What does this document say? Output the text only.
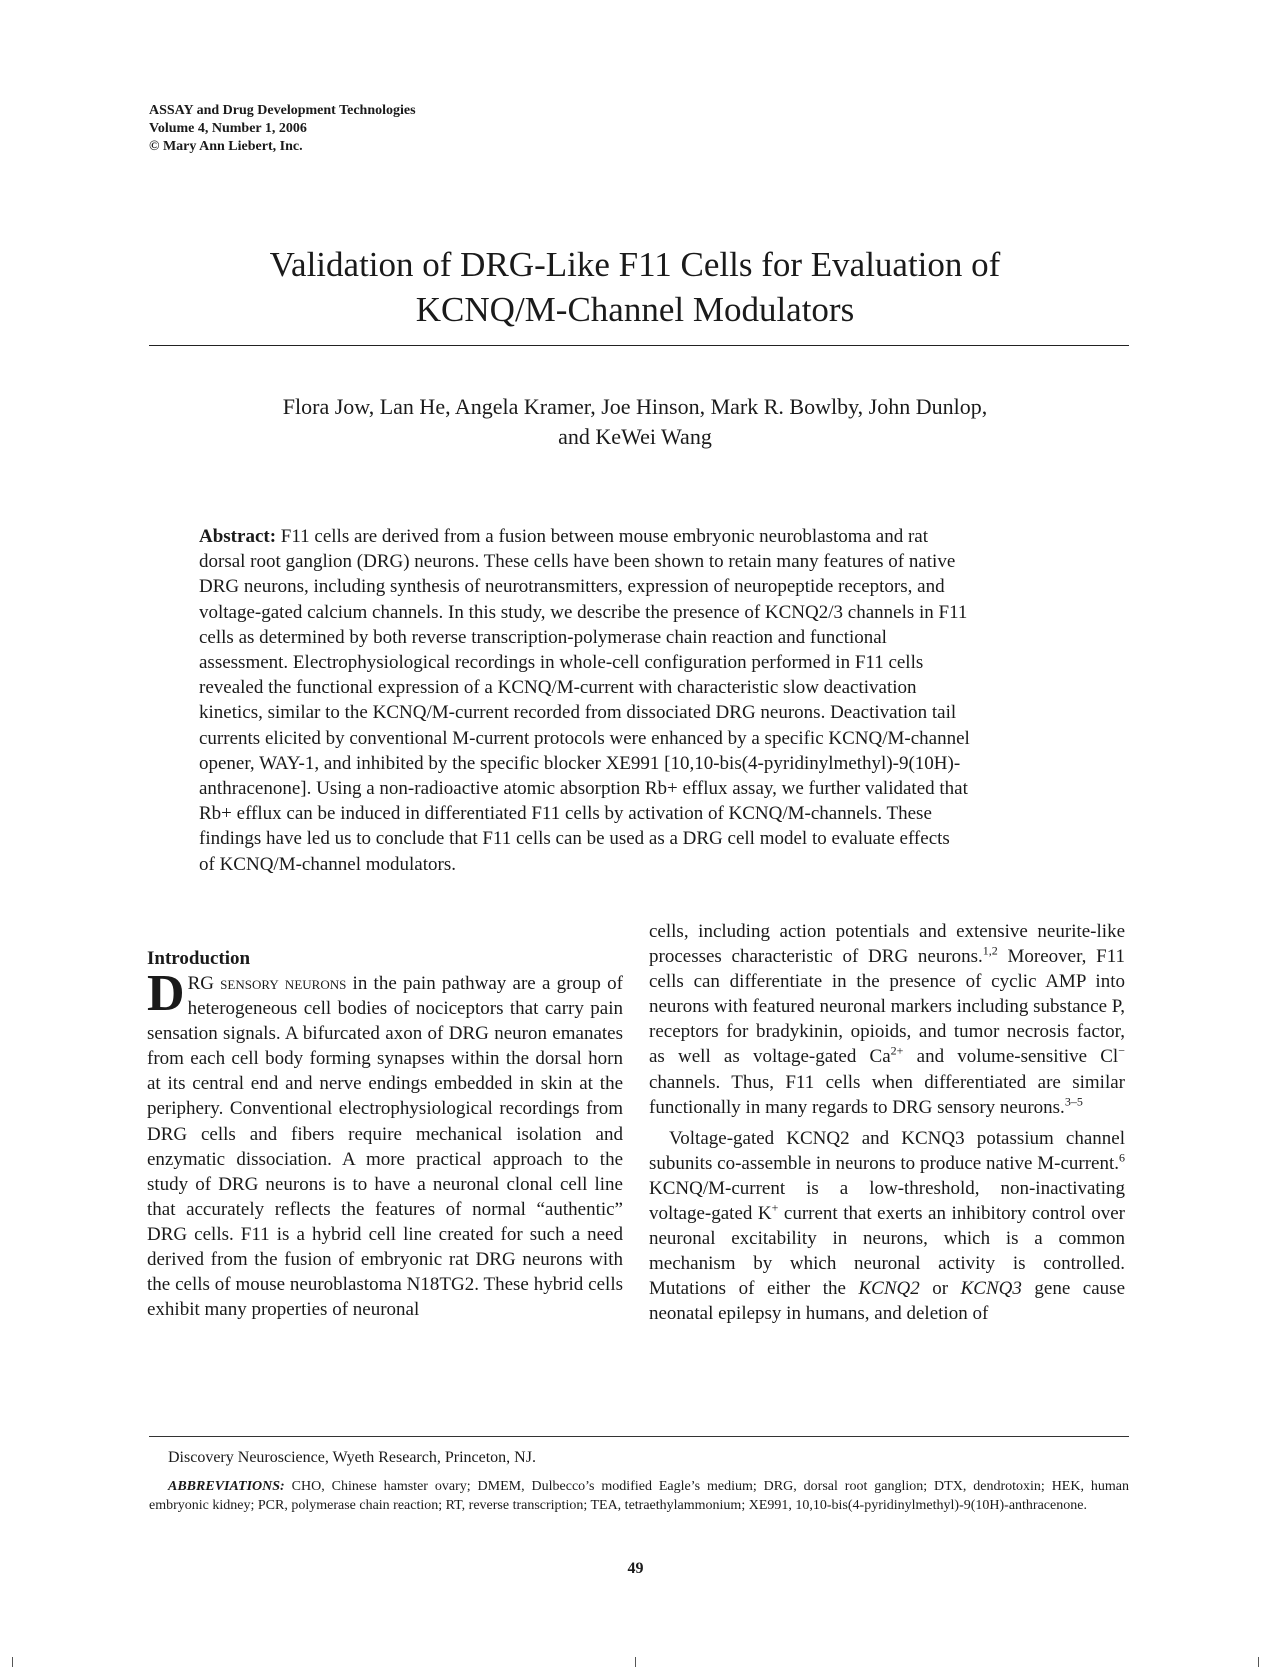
ASSAY and Drug Development Technologies
Volume 4, Number 1, 2006
© Mary Ann Liebert, Inc.
Validation of DRG-Like F11 Cells for Evaluation of
KCNQ/M-Channel Modulators
Flora Jow, Lan He, Angela Kramer, Joe Hinson, Mark R. Bowlby, John Dunlop,
and KeWei Wang
Abstract: F11 cells are derived from a fusion between mouse embryonic neuroblastoma and rat
dorsal root ganglion (DRG) neurons. These cells have been shown to retain many features of native
DRG neurons, including synthesis of neurotransmitters, expression of neuropeptide receptors, and
voltage-gated calcium channels. In this study, we describe the presence of KCNQ2/3 channels in F11
cells as determined by both reverse transcription-polymerase chain reaction and functional
assessment. Electrophysiological recordings in whole-cell configuration performed in F11 cells
revealed the functional expression of a KCNQ/M-current with characteristic slow deactivation
kinetics, similar to the KCNQ/M-current recorded from dissociated DRG neurons. Deactivation tail
currents elicited by conventional M-current protocols were enhanced by a specific KCNQ/M-channel
opener, WAY-1, and inhibited by the specific blocker XE991 [10,10-bis(4-pyridinylmethyl)-9(10H)-
anthracenone]. Using a non-radioactive atomic absorption Rb+ efflux assay, we further validated that
Rb+ efflux can be induced in differentiated F11 cells by activation of KCNQ/M-channels. These
findings have led us to conclude that F11 cells can be used as a DRG cell model to evaluate effects
of KCNQ/M-channel modulators.

Introduction

DRG sensory neurons in the pain pathway are a group of heterogeneous cell bodies of nociceptors that carry pain sensation signals. A bifurcated axon of DRG neuron emanates from each cell body forming synapses within the dorsal horn at its central end and nerve endings embedded in skin at the periphery. Conventional electrophysiological recordings from DRG cells and fibers require mechanical isolation and enzymatic dissociation. A more practical approach to the study of DRG neurons is to have a neuronal clonal cell line that accurately reflects the features of normal “authentic” DRG cells. F11 is a hybrid cell line created for such a need derived from the fusion of embryonic rat DRG neurons with the cells of mouse neuroblastoma N18TG2. These hybrid cells exhibit many properties of neuronal

cells, including action potentials and extensive neurite-like processes characteristic of DRG neurons.$^{1,2}$ Moreover, F11 cells can differentiate in the presence of cyclic AMP into neurons with featured neuronal markers including substance P, receptors for bradykinin, opioids, and tumor necrosis factor, as well as voltage-gated $Ca^{2+}$ and volume-sensitive Cl− channels. Thus, F11 cells when differentiated are similar functionally in many regards to DRG sensory neurons.$^{3-5}$

Voltage-gated KCNQ2 and KCNQ3 potassium channel subunits co-assemble in neurons to produce native M-current.$^6$ KCNQ/M-current is a low-threshold, non-inactivating voltage-gated K+ current that exerts an inhibitory control over neuronal excitability in neurons, which is a common mechanism by which neuronal activity is controlled. Mutations of either the KCNQ2 or KCNQ3 gene cause neonatal epilepsy in humans, and deletion of

Discovery Neuroscience, Wyeth Research, Princeton, NJ.
ABBREVIATIONS: CHO, Chinese hamster ovary; DMEM, Dulbecco’s modified Eagle’s medium; DRG, dorsal root ganglion; DTX, dendrotoxin; HEK, human embryonic kidney; PCR, polymerase chain reaction; RT, reverse transcription; TEA, tetraethylammonium; XE991, 10,10-bis(4-pyridinylmethyl)-9(10H)-anthracenone.
49
